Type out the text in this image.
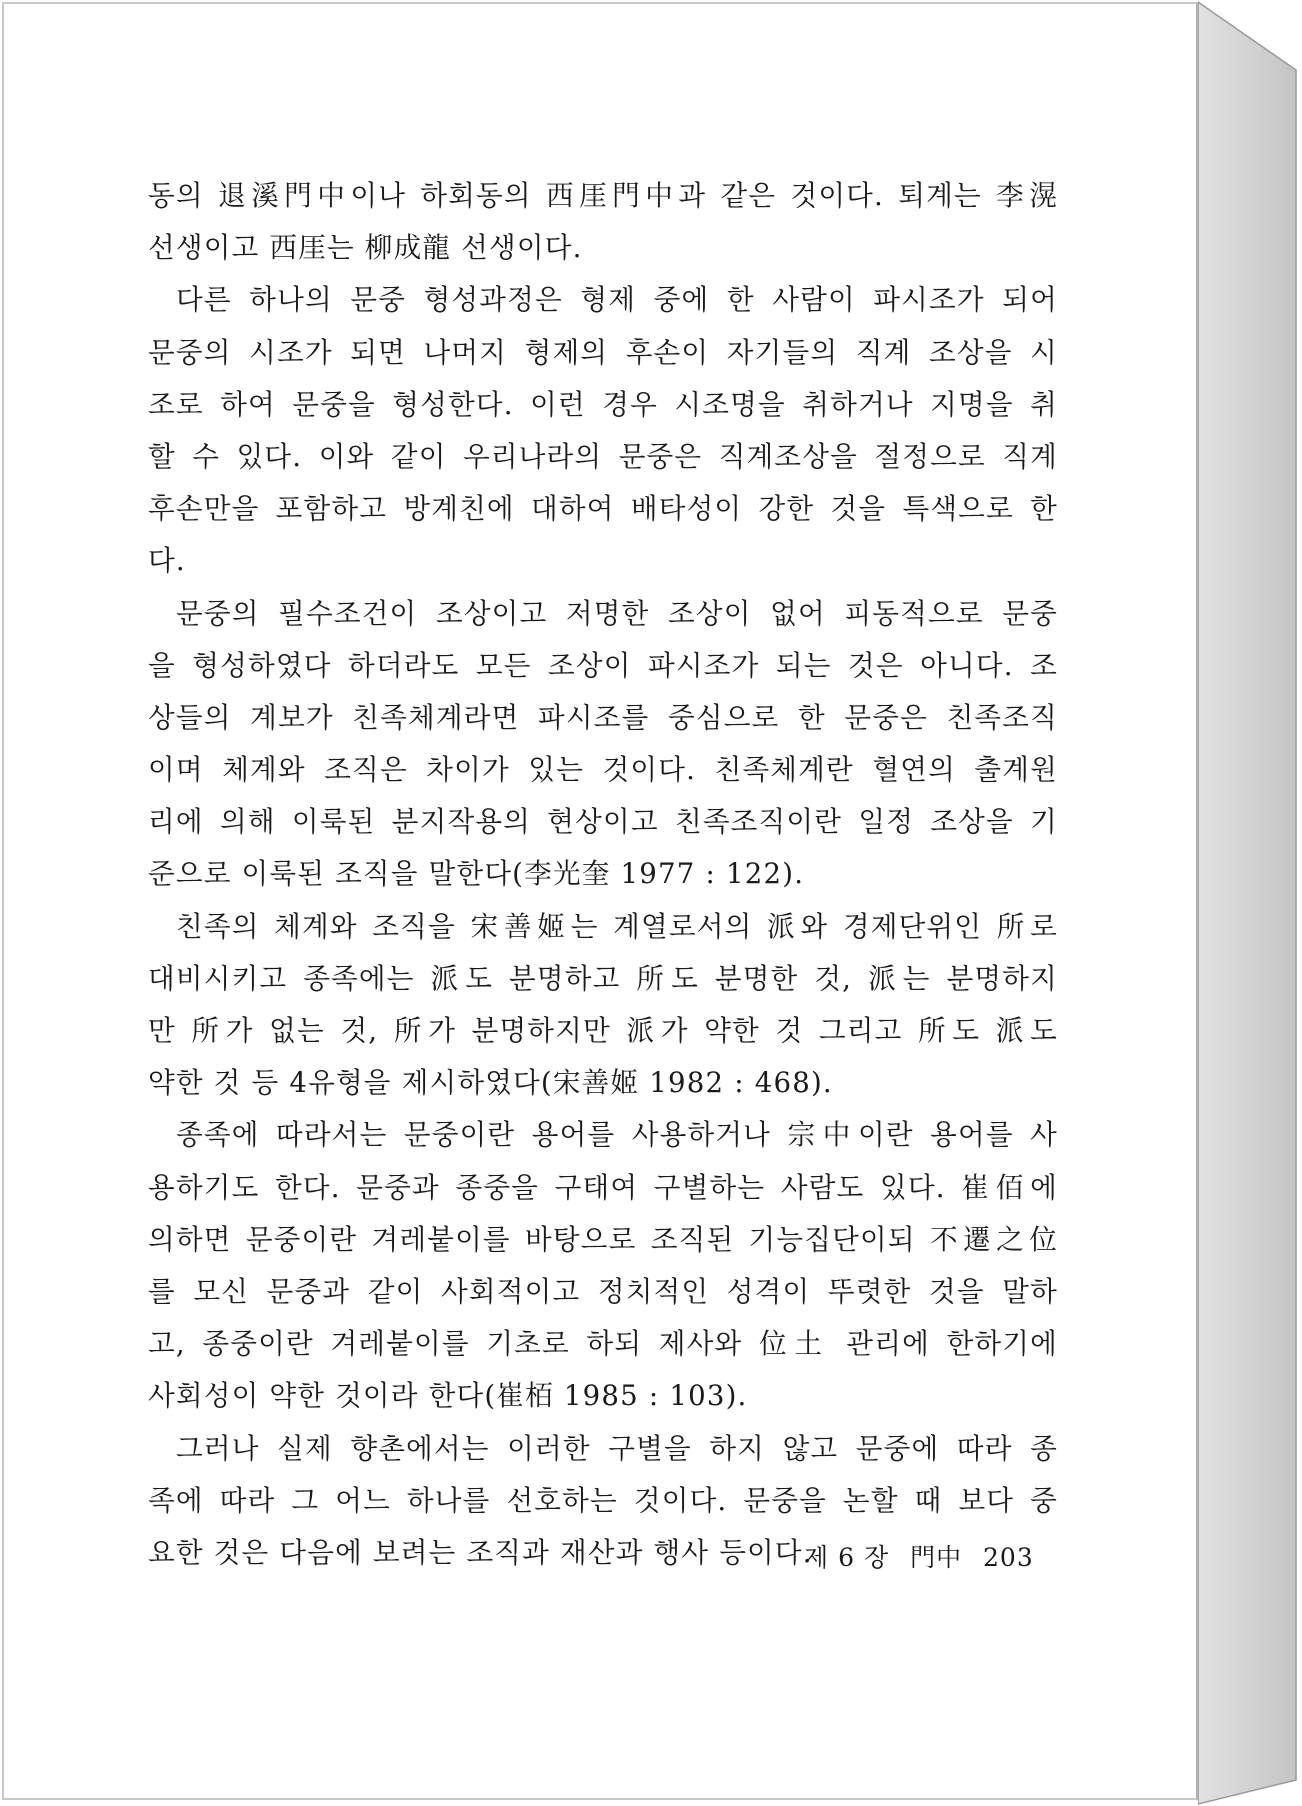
동의 退溪門中이나 하회동의 西厓門中과 같은 것이다. 퇴계는 李滉
선생이고 西厓는 柳成龍 선생이다.
다른 하나의 문중 형성과정은 형제 중에 한 사람이 파시조가 되어
문중의 시조가 되면 나머지 형제의 후손이 자기들의 직계 조상을 시
조로 하여 문중을 형성한다. 이런 경우 시조명을 취하거나 지명을 취
할 수 있다. 이와 같이 우리나라의 문중은 직계조상을 절정으로 직계
후손만을 포함하고 방계친에 대하여 배타성이 강한 것을 특색으로 한
다.
문중의 필수조건이 조상이고 저명한 조상이 없어 피동적으로 문중
을 형성하였다 하더라도 모든 조상이 파시조가 되는 것은 아니다. 조
상들의 계보가 친족체계라면 파시조를 중심으로 한 문중은 친족조직
이며 체계와 조직은 차이가 있는 것이다. 친족체계란 혈연의 출계원
리에 의해 이룩된 분지작용의 현상이고 친족조직이란 일정 조상을 기
준으로 이룩된 조직을 말한다(李光奎 1977 : 122).
친족의 체계와 조직을 宋善姬는 계열로서의 派와 경제단위인 所로
대비시키고 종족에는 派도 분명하고 所도 분명한 것, 派는 분명하지
만 所가 없는 것, 所가 분명하지만 派가 약한 것 그리고 所도 派도
약한 것 등 4유형을 제시하였다(宋善姬 1982 : 468).
종족에 따라서는 문중이란 용어를 사용하거나 宗中이란 용어를 사
용하기도 한다. 문중과 종중을 구태여 구별하는 사람도 있다. 崔佰에
의하면 문중이란 겨레붙이를 바탕으로 조직된 기능집단이되 不遷之位
를 모신 문중과 같이 사회적이고 정치적인 성격이 뚜렷한 것을 말하
고, 종중이란 겨레붙이를 기초로 하되 제사와 位土 관리에 한하기에
사회성이 약한 것이라 한다(崔栢 1985 : 103).
그러나 실제 향촌에서는 이러한 구별을 하지 않고 문중에 따라 종
족에 따라 그 어느 하나를 선호하는 것이다. 문중을 논할 때 보다 중
요한 것은 다음에 보려는 조직과 재산과 행사 등이다.
제 6 장 門中 203
